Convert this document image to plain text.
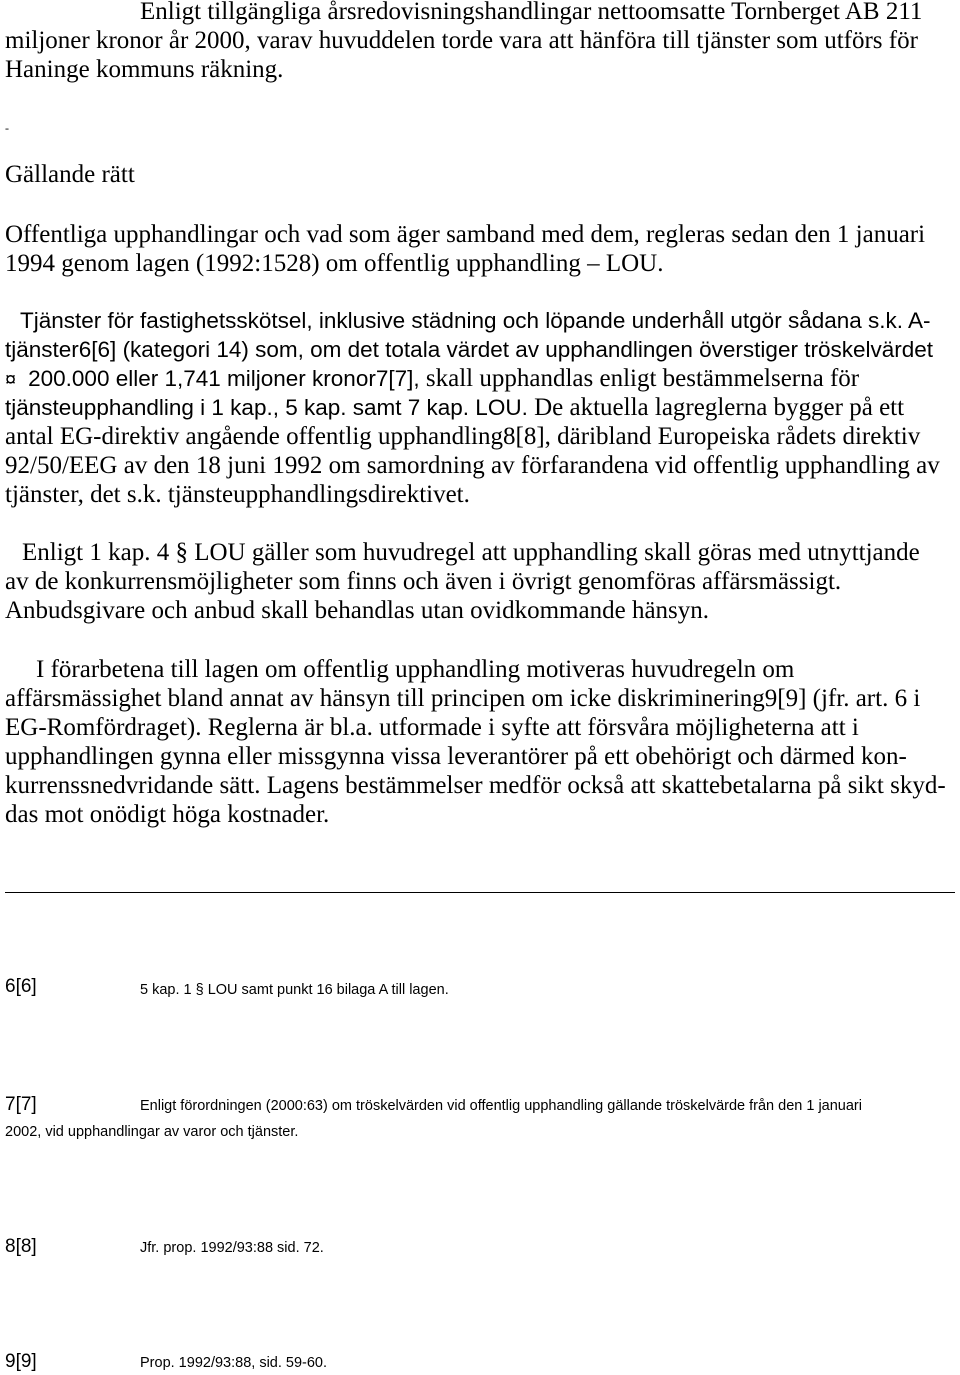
Enligt tillgängliga årsredovisningshandlingar nettoomsatte Tornberget AB 211
miljoner kronor år 2000, varav huvuddelen torde vara att hänföra till tjänster som utförs för
Haninge kommuns räkning.
-
Gällande rätt
Offentliga upphandlingar och vad som äger samband med dem, regleras sedan den 1 januari
1994 genom lagen (1992:1528) om offentlig upphandling – LOU.
Tjänster för fastighetsskötsel, inklusive städning och löpande underhåll utgör sådana s.k. A-
tjänster6[6] (kategori 14) som, om det totala värdet av upphandlingen överstiger tröskelvärdet
¤ 200.000 eller 1,741 miljoner kronor7[7], skall upphandlas enligt bestämmelserna för
tjänsteupphandling i 1 kap., 5 kap. samt 7 kap. LOU. De aktuella lagreglerna bygger på ett
antal EG-direktiv angående offentlig upphandling8[8], däribland Europeiska rådets direktiv
92/50/EEG av den 18 juni 1992 om samordning av förfarandena vid offentlig upphandling av
tjänster, det s.k. tjänsteupphandlingsdirektivet.
Enligt 1 kap. 4 § LOU gäller som huvudregel att upphandling skall göras med utnyttjande
av de konkurrensmöjligheter som finns och även i övrigt genomföras affärsmässigt.
Anbudsgivare och anbud skall behandlas utan ovidkommande hänsyn.
I förarbetena till lagen om offentlig upphandling motiveras huvudregeln om
affärsmässighet bland annat av hänsyn till principen om icke diskriminering9[9] (jfr. art. 6 i
EG-Romfördraget). Reglerna är bl.a. utformade i syfte att försvåra möjligheterna att i
upphandlingen gynna eller missgynna vissa leverantörer på ett obehörigt och därmed kon-
kurrenssnedvridande sätt. Lagens bestämmelser medför också att skattebetalarna på sikt skyd-
das mot onödigt höga kostnader.
6[6]	5 kap. 1 § LOU samt punkt 16 bilaga A till lagen.
7[7]	Enligt förordningen (2000:63) om tröskelvärden vid offentlig upphandling gällande tröskelvärde från den 1 januari
2002, vid upphandlingar av varor och tjänster.
8[8]	Jfr. prop. 1992/93:88 sid. 72.
9[9]	Prop. 1992/93:88, sid. 59-60.
